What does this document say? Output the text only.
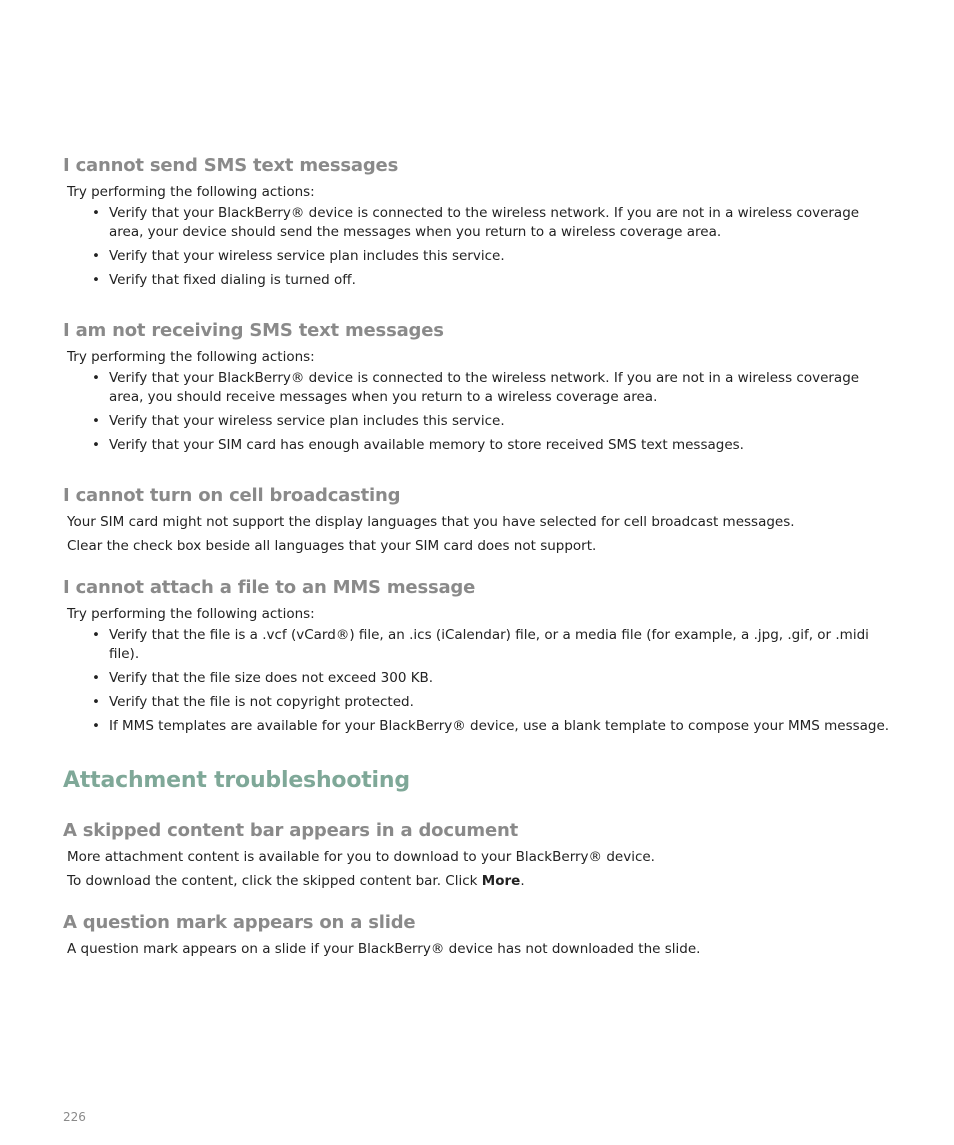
I cannot send SMS text messages

Try performing the following actions:

• Verify that your BlackBerry® device is connected to the wireless network. If you are not in a wireless coverage area, your device should send the messages when you return to a wireless coverage area.
• Verify that your wireless service plan includes this service.
• Verify that fixed dialing is turned off.
I am not receiving SMS text messages

Try performing the following actions:

• Verify that your BlackBerry® device is connected to the wireless network. If you are not in a wireless coverage area, you should receive messages when you return to a wireless coverage area.
• Verify that your wireless service plan includes this service.
• Verify that your SIM card has enough available memory to store received SMS text messages.
I cannot turn on cell broadcasting

Your SIM card might not support the display languages that you have selected for cell broadcast messages.

Clear the check box beside all languages that your SIM card does not support.

I cannot attach a file to an MMS message

Try performing the following actions:

• Verify that the file is a .vcf (vCard®) file, an .ics (iCalendar) file, or a media file (for example, a .jpg, .gif, or .midi file).
• Verify that the file size does not exceed 300 KB.
• Verify that the file is not copyright protected.
• If MMS templates are available for your BlackBerry® device, use a blank template to compose your MMS message.
Attachment troubleshooting
A skipped content bar appears in a document

More attachment content is available for you to download to your BlackBerry® device.

To download the content, click the skipped content bar. Click More.

A question mark appears on a slide

A question mark appears on a slide if your BlackBerry® device has not downloaded the slide.

226
